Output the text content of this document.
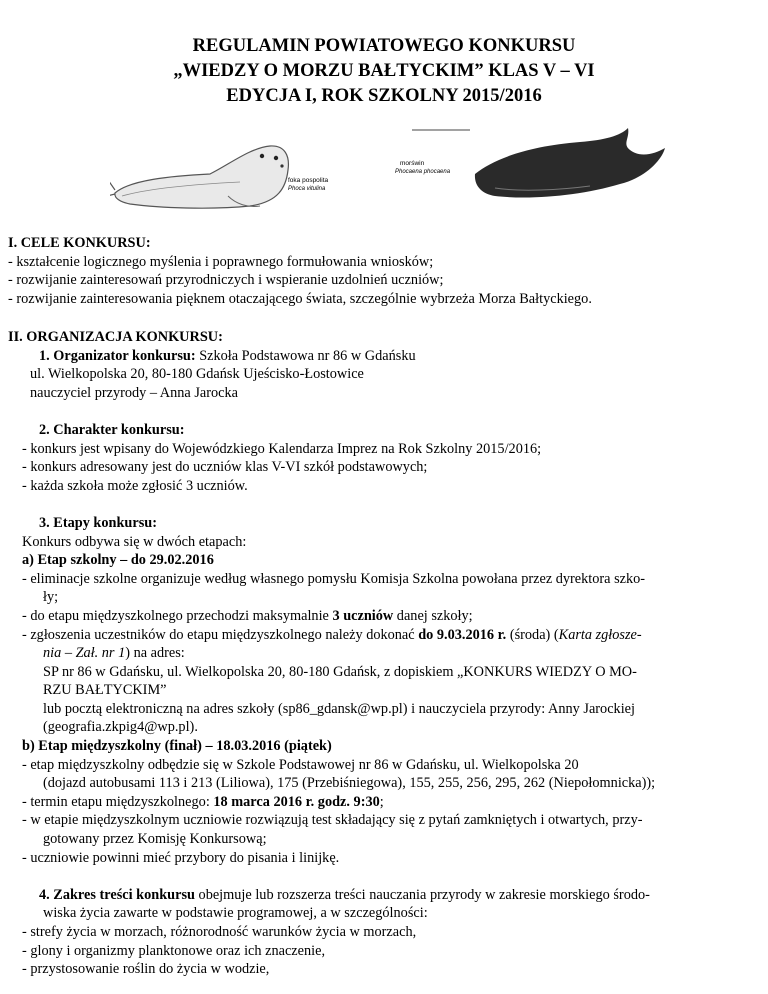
REGULAMIN POWIATOWEGO KONKURSU
„WIEDZY O MORZU BAŁTYCKIM” KLAS V – VI
EDYCJA I, ROK SZKOLNY 2015/2016
foka pospolita
Phoca vitulina
morświn
Phocaena phocaena
I. CELE KONKURSU:
- kształcenie logicznego myślenia i poprawnego formułowania wniosków;
- rozwijanie zainteresowań przyrodniczych i wspieranie uzdolnień uczniów;
- rozwijanie zainteresowania pięknem otaczającego świata, szczególnie wybrzeża Morza Bałtyckiego.
II. ORGANIZACJA KONKURSU:
1. Organizator konkursu: Szkoła Podstawowa nr 86 w Gdańsku
ul. Wielkopolska 20, 80-180 Gdańsk Ujeścisko-Łostowice
nauczyciel przyrody – Anna Jarocka
2. Charakter konkursu:
- konkurs jest wpisany do Wojewódzkiego Kalendarza Imprez na Rok Szkolny 2015/2016;
- konkurs adresowany jest do uczniów klas V-VI szkół podstawowych;
- każda szkoła może zgłosić 3 uczniów.
3. Etapy konkursu:
Konkurs odbywa się w dwóch etapach:
a) Etap szkolny – do 29.02.2016
- eliminacje szkolne organizuje według własnego pomysłu Komisja Szkolna powołana przez dyrektora szko-
ły;
- do etapu międzyszkolnego przechodzi maksymalnie 3 uczniów danej szkoły;
- zgłoszenia uczestników do etapu międzyszkolnego należy dokonać do 9.03.2016 r. (środa) (Karta zgłosze-
nia – Zał. nr 1) na adres:
SP nr 86 w Gdańsku, ul. Wielkopolska 20, 80-180 Gdańsk, z dopiskiem „KONKURS WIEDZY O MO-
RZU BAŁTYCKIM”
lub pocztą elektroniczną na adres szkoły (sp86_gdansk@wp.pl) i nauczyciela przyrody: Anny Jarockiej
(geografia.zkpig4@wp.pl).
b) Etap międzyszkolny (finał) – 18.03.2016 (piątek)
- etap międzyszkolny odbędzie się w Szkole Podstawowej nr 86 w Gdańsku, ul. Wielkopolska 20
(dojazd autobusami 113 i 213 (Liliowa), 175 (Przebiśniegowa), 155, 255, 256, 295, 262 (Niepołomnicka));
- termin etapu międzyszkolnego: 18 marca 2016 r. godz. 9:30;
- w etapie międzyszkolnym uczniowie rozwiązują test składający się z pytań zamkniętych i otwartych, przy-
gotowany przez Komisję Konkursową;
- uczniowie powinni mieć przybory do pisania i linijkę.
4. Zakres treści konkursu obejmuje lub rozszerza treści nauczania przyrody w zakresie morskiego środo-
wiska życia zawarte w podstawie programowej, a w szczególności:
- strefy życia w morzach, różnorodność warunków życia w morzach,
- glony i organizmy planktonowe oraz ich znaczenie,
- przystosowanie roślin do życia w wodzie,
